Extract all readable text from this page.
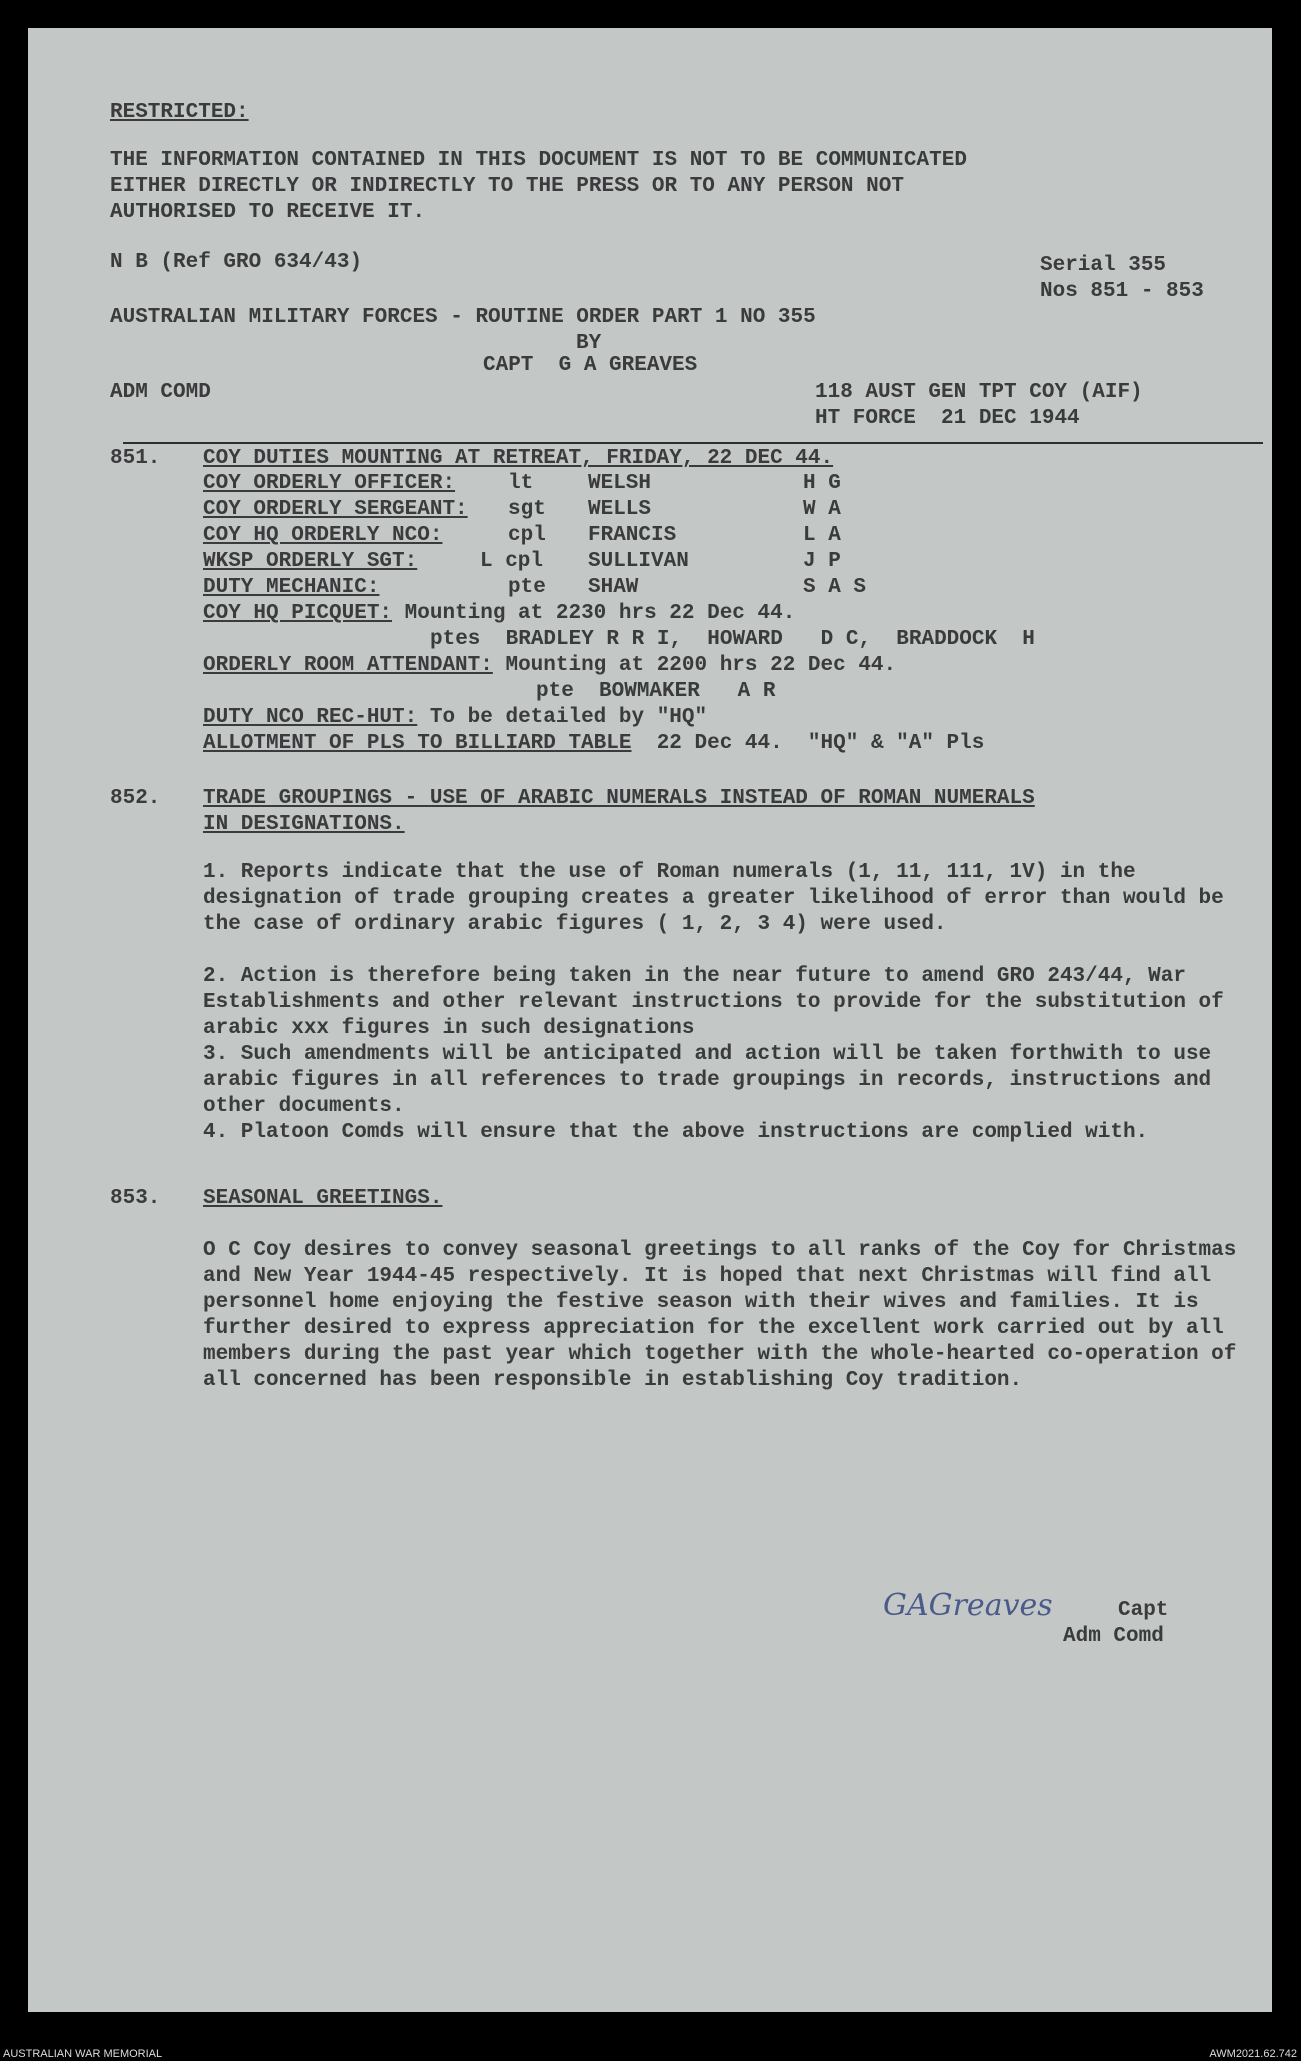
RESTRICTED:
THE INFORMATION CONTAINED IN THIS DOCUMENT IS NOT TO BE COMMUNICATED
EITHER DIRECTLY OR INDIRECTLY TO THE PRESS OR TO ANY PERSON NOT
AUTHORISED TO RECEIVE IT.
N B (Ref GRO 634/43)	Serial 355
Nos 851 - 853
AUSTRALIAN MILITARY FORCES - ROUTINE ORDER PART 1 NO 355
BY
CAPT  G A GREAVES
ADM COMD	118 AUST GEN TPT COY (AIF)
HT FORCE  21 DEC 1944
851. COY DUTIES MOUNTING AT RETREAT, FRIDAY, 22 DEC 44.
COY ORDERLY OFFICER:	lt	WELSH	H G
COY ORDERLY SERGEANT: sgt WELLS	W A
COY HQ ORDERLY NCO:	cpl FRANCIS	L A
WKSP ORDERLY SGT:	L cpl SULLIVAN	J P
DUTY MECHANIC:	pte SHAW	S A S
COY HQ PICQUET: Mounting at 2230 hrs 22 Dec 44.
ptes  BRADLEY R R I,  HOWARD   D C,  BRADDOCK  H
ORDERLY ROOM ATTENDANT: Mounting at 2200 hrs 22 Dec 44.
pte  BOWMAKER   A R
DUTY NCO REC-HUT: To be detailed by "HQ"
ALLOTMENT OF PLS TO BILLIARD TABLE 22 Dec 44.  "HQ" & "A" Pls
852. TRADE GROUPINGS - USE OF ARABIC NUMERALS INSTEAD OF ROMAN NUMERALS
IN DESIGNATIONS.
1. Reports indicate that the use of Roman numerals (1, 11, 111, 1V) in the designation of trade grouping creates a greater likelihood of error than would be the case of ordinary arabic figures ( 1, 2, 3 4) were used.
2. Action is therefore being taken in the near future to amend GRO 243/44, War Establishments and other relevant instructions to provide for the substitution of arabic xxx figures in such designations
3. Such amendments will be anticipated and action will be taken forthwith to use arabic figures in all references to trade groupings in records, instructions and other documents.
4. Platoon Comds will ensure that the above instructions are complied with.
853. SEASONAL GREETINGS.
O C Coy desires to convey seasonal greetings to all ranks of the Coy for Christmas and New Year 1944-45 respectively. It is hoped that next Christmas will find all personnel home enjoying the festive season with their wives and families. It is further desired to express appreciation for the excellent work carried out by all members during the past year which together with the whole-hearted co-operation of all concerned has been responsible in establishing Coy tradition.
GAGreaves	Capt
Adm Comd
AUSTRALIAN WAR MEMORIAL	AWM2021.62.742
